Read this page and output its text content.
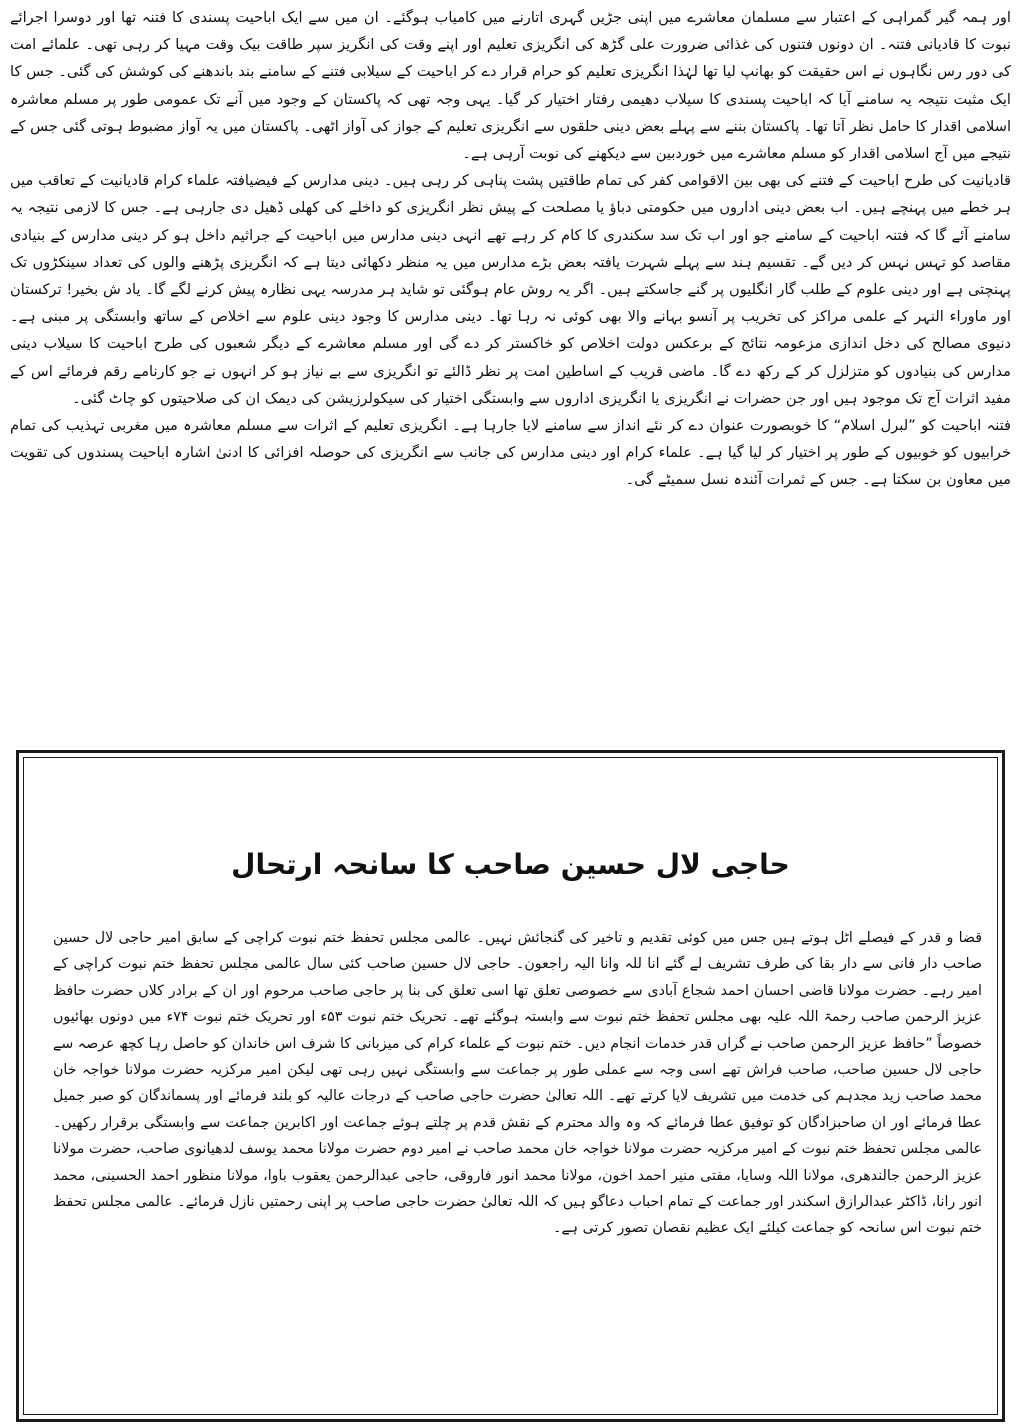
اور ہمہ گیر گمراہی کے اعتبار سے مسلمان معاشرے میں اپنی جڑیں گہری اتارنے میں کامیاب ہوگئے۔ ان میں سے ایک اباحیت پسندی کا فتنہ تھا اور دوسرا اجرائے نبوت کا قادیانی فتنہ۔ ان دونوں فتنوں کی غذائی ضرورت علی گڑھ کی انگریزی تعلیم اور اپنے وقت کی انگریز سپر طاقت بیک وقت مہیا کر رہی تھی۔ علمائے امت کی دور رس نگاہوں نے اس حقیقت کو بھانپ لیا تھا لہٰذا انگریزی تعلیم کو حرام قرار دے کر اباحیت کے سیلابی فتنے کے سامنے بند باندھنے کی کوشش کی گئی۔ جس کا ایک مثبت نتیجہ یہ سامنے آیا کہ اباحیت پسندی کا سیلاب دھیمی رفتار اختیار کر گیا۔ یہی وجہ تھی کہ پاکستان کے وجود میں آنے تک عمومی طور پر مسلم معاشرہ اسلامی اقدار کا حامل نظر آتا تھا۔ پاکستان بننے سے پہلے بعض دینی حلقوں سے انگریزی تعلیم کے جواز کی آواز اٹھی۔ پاکستان میں یہ آواز مضبوط ہوتی گئی جس کے نتیجے میں آج اسلامی اقدار کو مسلم معاشرے میں خوردبین سے دیکھنے کی نوبت آرہی ہے۔

قادیانیت کی طرح اباحیت کے فتنے کی بھی بین الاقوامی کفر کی تمام طاقتیں پشت پناہی کر رہی ہیں۔ دینی مدارس کے فیضیافتہ علماء کرام قادیانیت کے تعاقب میں ہر خطے میں پہنچے ہیں۔ اب بعض دینی اداروں میں حکومتی دباؤ یا مصلحت کے پیش نظر انگریزی کو داخلے کی کھلی ڈھیل دی جارہی ہے۔ جس کا لازمی نتیجہ یہ سامنے آئے گا کہ فتنہ اباحیت کے سامنے جو اور اب تک سد سکندری کا کام کر رہے تھے انہی دینی مدارس میں اباحیت کے جراثیم داخل ہو کر دینی مدارس کے بنیادی مقاصد کو تہس نہس کر دیں گے۔ تقسیم ہند سے پہلے شہرت یافتہ بعض بڑے مدارس میں یہ منظر دکھائی دیتا ہے کہ انگریزی پڑھنے والوں کی تعداد سینکڑوں تک پہنچتی ہے اور دینی علوم کے طلب گار انگلیوں پر گنے جاسکتے ہیں۔ اگر یہ روش عام ہوگئی تو شاید ہر مدرسہ یہی نظارہ پیش کرنے لگے گا۔ یاد ش بخیر! ترکستان اور ماوراء النہر کے علمی مراکز کی تخریب پر آنسو بہانے والا بھی کوئی نہ رہا تھا۔ دینی مدارس کا وجود دینی علوم سے اخلاص کے ساتھ وابستگی پر مبنی ہے۔ دنیوی مصالح کی دخل اندازی مزعومہ نتائج کے برعکس دولت اخلاص کو خاکستر کر دے گی اور مسلم معاشرے کے دیگر شعبوں کی طرح اباحیت کا سیلاب دینی مدارس کی بنیادوں کو متزلزل کر کے رکھ دے گا۔ ماضی قریب کے اساطین امت پر نظر ڈالئے تو انگریزی سے بے نیاز ہو کر انہوں نے جو کارنامے رقم فرمائے اس کے مفید اثرات آج تک موجود ہیں اور جن حضرات نے انگریزی یا انگریزی اداروں سے وابستگی اختیار کی سیکولرزیشن کی دیمک ان کی صلاحیتوں کو چاٹ گئی۔

فتنہ اباحیت کو ”لبرل اسلام“ کا خوبصورت عنوان دے کر نئے انداز سے سامنے لایا جارہا ہے۔ انگریزی تعلیم کے اثرات سے مسلم معاشرہ میں مغربی تہذیب کی تمام خرابیوں کو خوبیوں کے طور پر اختیار کر لیا گیا ہے۔ علماء کرام اور دینی مدارس کی جانب سے انگریزی کی حوصلہ افزائی کا ادنیٰ اشارہ اباحیت پسندوں کی تقویت میں معاون بن سکتا ہے۔ جس کے ثمرات آئندہ نسل سمیٹے گی۔

حاجی لال حسین صاحب کا سانحہ ارتحال

قضا و قدر کے فیصلے اٹل ہوتے ہیں جس میں کوئی تقدیم و تاخیر کی گنجائش نہیں۔ عالمی مجلس تحفظ ختم نبوت کراچی کے سابق امیر حاجی لال حسین صاحب دار فانی سے دار بقا کی طرف تشریف لے گئے انا للہ وانا الیہ راجعون۔ حاجی لال حسین صاحب کئی سال عالمی مجلس تحفظ ختم نبوت کراچی کے امیر رہے۔ حضرت مولانا قاضی احسان احمد شجاع آبادی سے خصوصی تعلق تھا اسی تعلق کی بنا پر حاجی صاحب مرحوم اور ان کے برادر کلاں حضرت حافظ عزیز الرحمن صاحب رحمۃ اللہ علیہ بھی مجلس تحفظ ختم نبوت سے وابستہ ہوگئے تھے۔ تحریک ختم نبوت ۵۳ء اور تحریک ختم نبوت ۷۴ء میں دونوں بھائیوں خصوصاً ”حافظ عزیز الرحمن صاحب نے گراں قدر خدمات انجام دیں۔ ختم نبوت کے علماء کرام کی میزبانی کا شرف اس خاندان کو حاصل رہا کچھ عرصہ سے حاجی لال حسین صاحب، صاحب فراش تھے اسی وجہ سے عملی طور پر جماعت سے وابستگی نہیں رہی تھی لیکن امیر مرکزیہ حضرت مولانا خواجہ خان محمد صاحب زید مجدہم کی خدمت میں تشریف لایا کرتے تھے۔ اللہ تعالیٰ حضرت حاجی صاحب کے درجات عالیہ کو بلند فرمائے اور پسماندگان کو صبر جمیل عطا فرمائے اور ان صاحبزادگان کو توفیق عطا فرمائے کہ وہ والد محترم کے نقش قدم پر چلتے ہوئے جماعت اور اکابرین جماعت سے وابستگی برقرار رکھیں۔ عالمی مجلس تحفظ ختم نبوت کے امیر مرکزیہ حضرت مولانا خواجہ خان محمد صاحب نے امیر دوم حضرت مولانا محمد یوسف لدھیانوی صاحب، حضرت مولانا عزیز الرحمن جالندھری، مولانا اللہ وسایا، مفتی منیر احمد اخون، مولانا محمد انور فاروقی، حاجی عبدالرحمن یعقوب باوا، مولانا منظور احمد الحسینی، محمد انور رانا، ڈاکٹر عبدالرازق اسکندر اور جماعت کے تمام احباب دعاگو ہیں کہ اللہ تعالیٰ حضرت حاجی صاحب پر اپنی رحمتیں نازل فرمائے۔ عالمی مجلس تحفظ ختم نبوت اس سانحہ کو جماعت کیلئے ایک عظیم نقصان تصور کرتی ہے۔
